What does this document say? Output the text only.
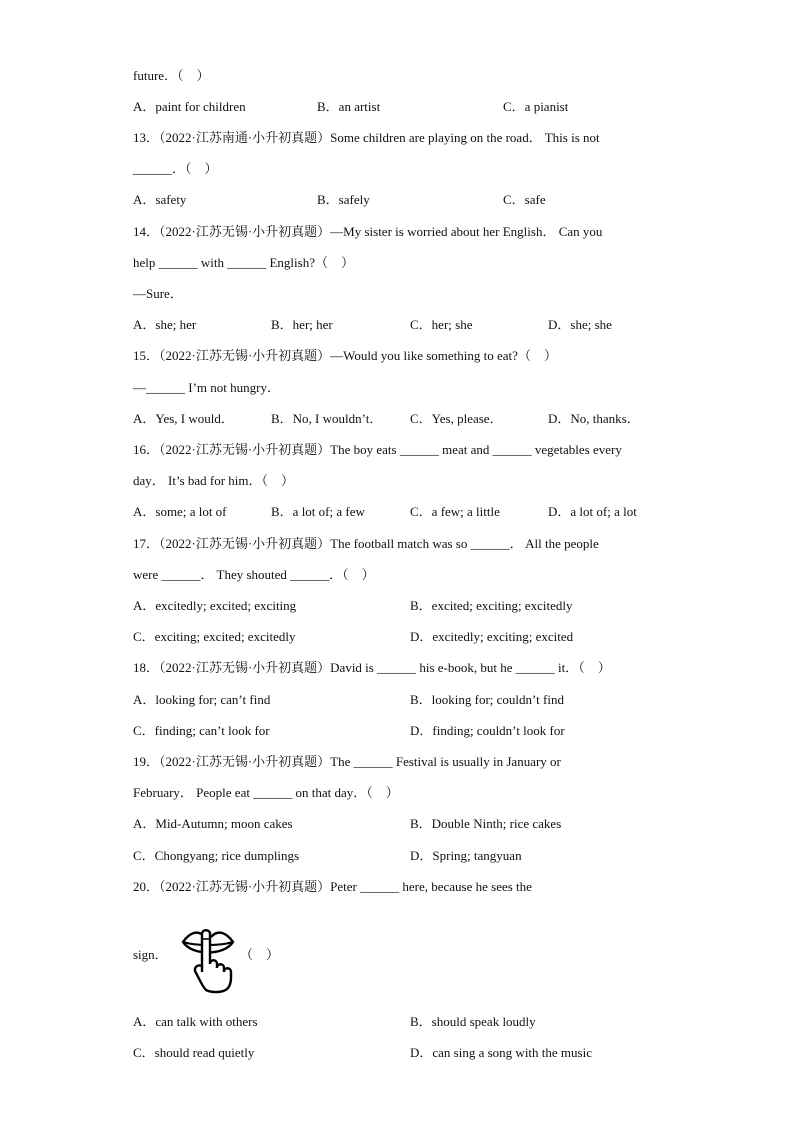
future．（　）
A．paint for children	B．an artist	C．a pianist
13．（2022·江苏南通·小升初真题）Some children are playing on the road． This is not
______．（　）
A．safety	B．safely	C．safe
14．（2022·江苏无锡·小升初真题）—My sister is worried about her English． Can you
help ______ with ______ English?（　）
—Sure．
A．she; her	B．her; her	C．her; she	D．she; she
15．（2022·江苏无锡·小升初真题）—Would you like something to eat?（　）
—______ I’m not hungry．
A．Yes, I would．	B．No, I wouldn’t． C．Yes, please．	D．No, thanks．
16．（2022·江苏无锡·小升初真题）The boy eats ______ meat and ______ vegetables every
day． It’s bad for him．（　）
A．some; a lot of	B．a lot of; a few	C．a few; a little	D．a lot of; a lot
17．（2022·江苏无锡·小升初真题）The football match was so ______． All the people
were ______． They shouted ______．（　）
A．excitedly; excited; exciting	B．excited; exciting; excitedly
C．exciting; excited; excitedly	D．excitedly; exciting; excited
18．（2022·江苏无锡·小升初真题）David is ______ his e-book, but he ______ it．（　）
A．looking for; can’t find	B．looking for; couldn’t find
C．finding; can’t look for	D．finding; couldn’t look for
19．（2022·江苏无锡·小升初真题）The ______ Festival is usually in January or
February． People eat ______ on that day．（　）
A．Mid-Autumn; moon cakes	B．Double Ninth; rice cakes
C．Chongyang; rice dumplings	D．Spring; tangyuan
20．（2022·江苏无锡·小升初真题）Peter ______ here, because he sees the
sign．	（　）
A．can talk with others	B．should speak loudly
C．should read quietly	D．can sing a song with the music
